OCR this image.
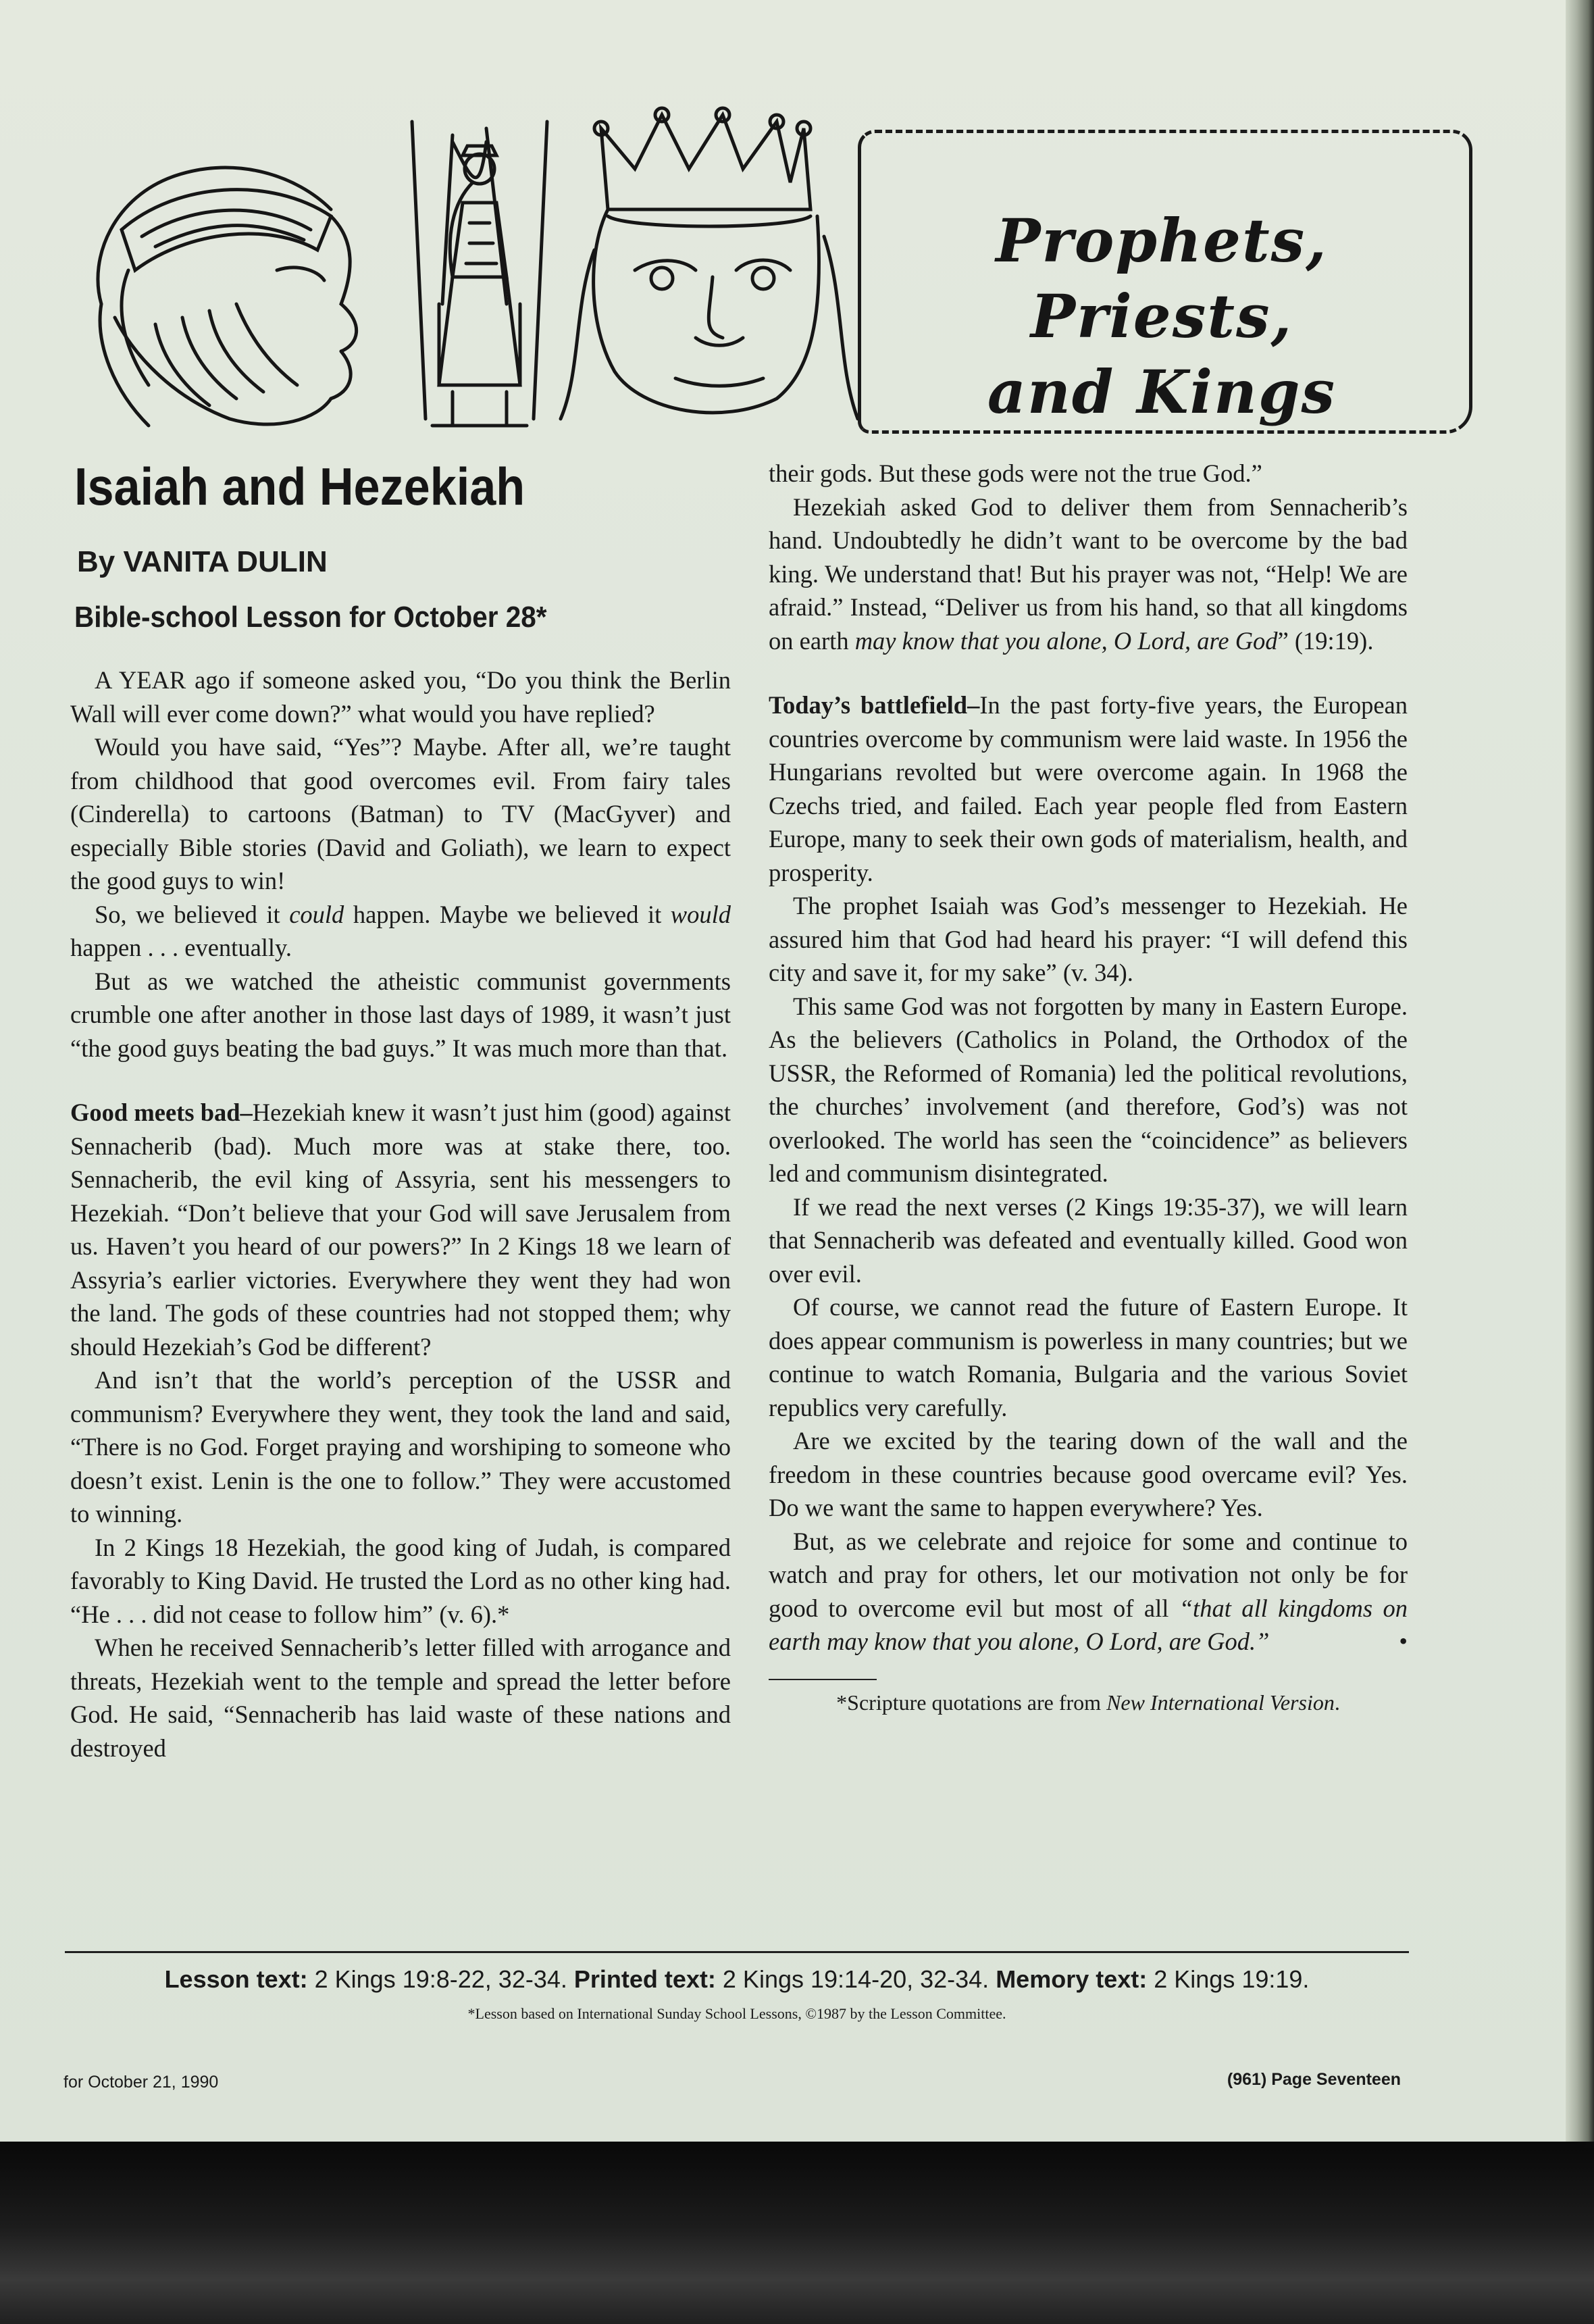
Prophets, Priests,
and Kings
Isaiah and Hezekiah
By VANITA DULIN
Bible-school Lesson for October 28*

A YEAR ago if someone asked you, “Do you think the Berlin Wall will ever come down?” what would you have replied?

Would you have said, “Yes”? Maybe. After all, we’re taught from childhood that good overcomes evil. From fairy tales (Cinderella) to cartoons (Batman) to TV (MacGyver) and especially Bible stories (David and Goliath), we learn to expect the good guys to win!

So, we believed it could happen. Maybe we believed it would happen . . . eventually.

But as we watched the atheistic communist governments crumble one after another in those last days of 1989, it wasn’t just “the good guys beating the bad guys.” It was much more than that.

Good meets bad–Hezekiah knew it wasn’t just him (good) against Sennacherib (bad). Much more was at stake there, too. Sennacherib, the evil king of Assyria, sent his messengers to Hezekiah. “Don’t believe that your God will save Jerusalem from us. Haven’t you heard of our powers?” In 2 Kings 18 we learn of Assyria’s earlier victories. Everywhere they went they had won the land. The gods of these countries had not stopped them; why should Hezekiah’s God be different?

And isn’t that the world’s perception of the USSR and communism? Everywhere they went, they took the land and said, “There is no God. Forget praying and worshiping to someone who doesn’t exist. Lenin is the one to follow.” They were accustomed to winning.

In 2 Kings 18 Hezekiah, the good king of Judah, is compared favorably to King David. He trusted the Lord as no other king had. “He . . . did not cease to follow him” (v. 6).*

When he received Sennacherib’s letter filled with arrogance and threats, Hezekiah went to the temple and spread the letter before God. He said, “Sennacherib has laid waste of these nations and destroyed

their gods. But these gods were not the true God.”

Hezekiah asked God to deliver them from Sennacherib’s hand. Undoubtedly he didn’t want to be overcome by the bad king. We understand that! But his prayer was not, “Help! We are afraid.” Instead, “Deliver us from his hand, so that all kingdoms on earth may know that you alone, O Lord, are God” (19:19).

Today’s battlefield–In the past forty-five years, the European countries overcome by communism were laid waste. In 1956 the Hungarians revolted but were overcome again. In 1968 the Czechs tried, and failed. Each year people fled from Eastern Europe, many to seek their own gods of materialism, health, and prosperity.

The prophet Isaiah was God’s messenger to Hezekiah. He assured him that God had heard his prayer: “I will defend this city and save it, for my sake” (v. 34).

This same God was not forgotten by many in Eastern Europe. As the believers (Catholics in Poland, the Orthodox of the USSR, the Reformed of Romania) led the political revolutions, the churches’ involvement (and therefore, God’s) was not overlooked. The world has seen the “coincidence” as believers led and communism disintegrated.

If we read the next verses (2 Kings 19:35-37), we will learn that Sennacherib was defeated and eventually killed. Good won over evil.

Of course, we cannot read the future of Eastern Europe. It does appear communism is powerless in many countries; but we continue to watch Romania, Bulgaria and the various Soviet republics very carefully.

Are we excited by the tearing down of the wall and the freedom in these countries because good overcame evil? Yes. Do we want the same to happen everywhere? Yes.

But, as we celebrate and rejoice for some and continue to watch and pray for others, let our motivation not only be for good to overcome evil but most of all “that all kingdoms on earth may know that you alone, O Lord, are God.”	•

*Scripture quotations are from New International Version.
Lesson text: 2 Kings 19:8-22, 32-34. Printed text: 2 Kings 19:14-20, 32-34. Memory text: 2 Kings 19:19.
*Lesson based on International Sunday School Lessons, ©1987 by the Lesson Committee.
for October 21, 1990	(961) Page Seventeen
